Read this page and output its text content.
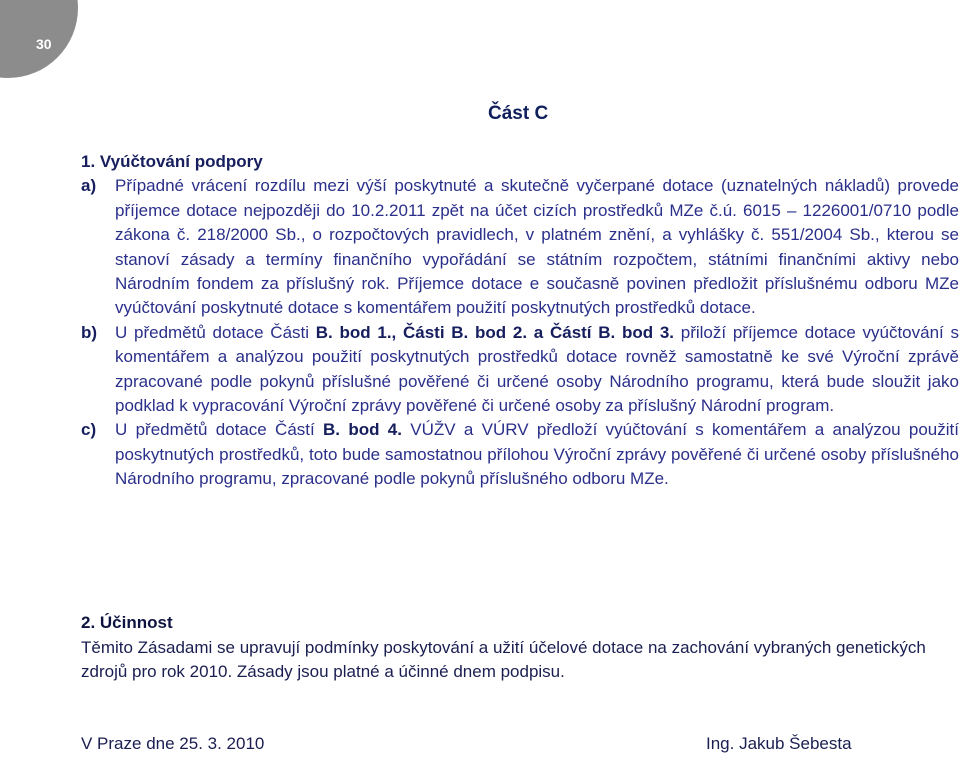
30
Část C

1. Vyúčtování podpory

a)	Případné vrácení rozdílu mezi výší poskytnuté a skutečně vyčerpané dotace (uznatelných nákladů) provede příjemce dotace nejpozději do 10.2.2011 zpět na účet cizích prostředků MZe č.ú. 6015 – 1226001/0710 podle zákona č. 218/2000 Sb., o rozpočtových pravidlech, v platném znění, a vyhlášky č. 551/2004 Sb., kterou se stanoví zásady a termíny finančního vypořádání se státním rozpočtem, státními finančními aktivy nebo Národním fondem za příslušný rok. Příjemce dotace e současně povinen předložit příslušnému odboru MZe vyúčtování poskytnuté dotace s komentářem použití poskytnutých prostředků dotace.

b)	U předmětů dotace Části B. bod 1., Části B. bod 2. a Částí B. bod 3. přiloží příjemce dotace vyúčtování s komentářem a analýzou použití poskytnutých prostředků dotace rovněž samostatně ke své Výroční zprávě zpracované podle pokynů příslušné pověřené či určené osoby Národního programu, která bude sloužit jako podklad k vypracování Výroční zprávy pověřené či určené osoby za příslušný Národní program.

c)	U předmětů dotace Částí B. bod 4. VÚŽV a VÚRV předloží vyúčtování s komentářem a analýzou použití poskytnutých prostředků, toto bude samostatnou přílohou Výroční zprávy pověřené či určené osoby příslušného Národního programu, zpracované podle pokynů příslušného odboru MZe.

2. Účinnost

Těmito Zásadami se upravují podmínky poskytování a užití účelové dotace na zachování vybraných genetických zdrojů pro rok 2010. Zásady jsou platné a účinné dnem podpisu.

V Praze dne 25. 3. 2010	Ing. Jakub Šebesta
